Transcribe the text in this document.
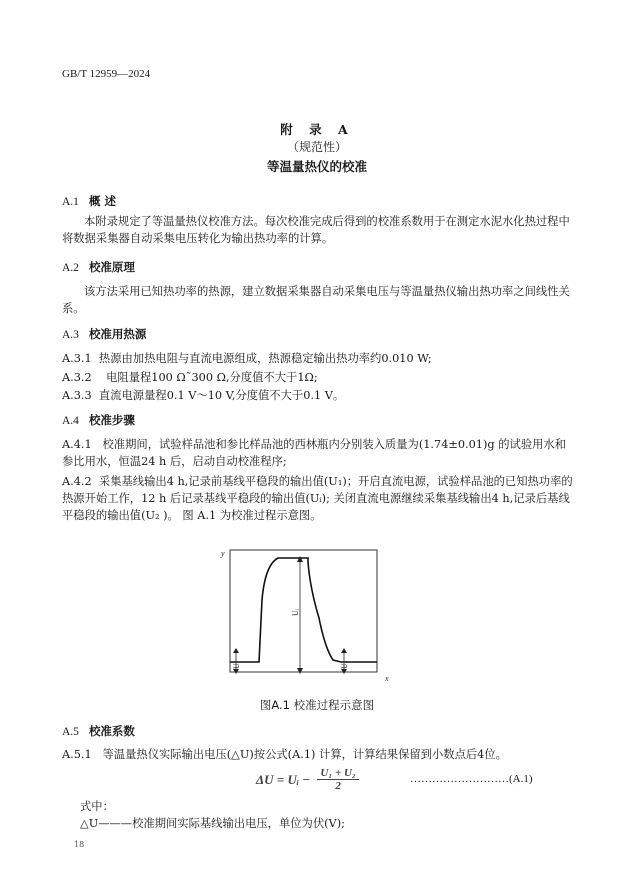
GB/T 12959—2024
附 录 A
（规范性）
等温量热仪的校准
A.1 概 述

本附录规定了等温量热仪校准方法。每次校准完成后得到的校准系数用于在测定水泥水化热过程中将数据采集器自动采集电压转化为输出热功率的计算。

A.2 校准原理

该方法采用已知热功率的热源，建立数据采集器自动采集电压与等温量热仪输出热功率之间线性关系。

A.3 校准用热源
A.3.1 热源由加热电阻与直流电源组成，热源稳定输出热功率约0.010 W;
A.3.2 电阻量程100 Ω˜300 Ω,分度值不大于1Ω;
A.3.3 直流电源量程0.1 V～10 V,分度值不大于0.1 V。
A.4 校准步骤

A.4.1 校准期间，试验样品池和参比样品池的西林瓶内分别装入质量为(1.74±0.01)g 的试验用水和参比用水，恒温24 h 后，启动自动校准程序;

A.4.2 采集基线输出4 h,记录前基线平稳段的输出值(U₁)；开启直流电源，试验样品池的已知热功率的热源开始工作，12 h 后记录基线平稳段的输出值(Uᵢ); 关闭直流电源继续采集基线输出4 h,记录后基线平稳段的输出值(U₂ )。 图 A.1 为校准过程示意图。

U₁
Uᵢ
U₂
y
x
图A.1 校准过程示意图
A.5 校准系数
A.5.1 等温量热仪实际输出电压(△U)按公式(A.1) 计算，计算结果保留到小数点后4位。
ΔU = Uᵢ − $\frac{\text{U₁ + U₂}}{2}$	………………………(A.1)
式中：
△U———校准期间实际基线输出电压，单位为伏(V);
18
